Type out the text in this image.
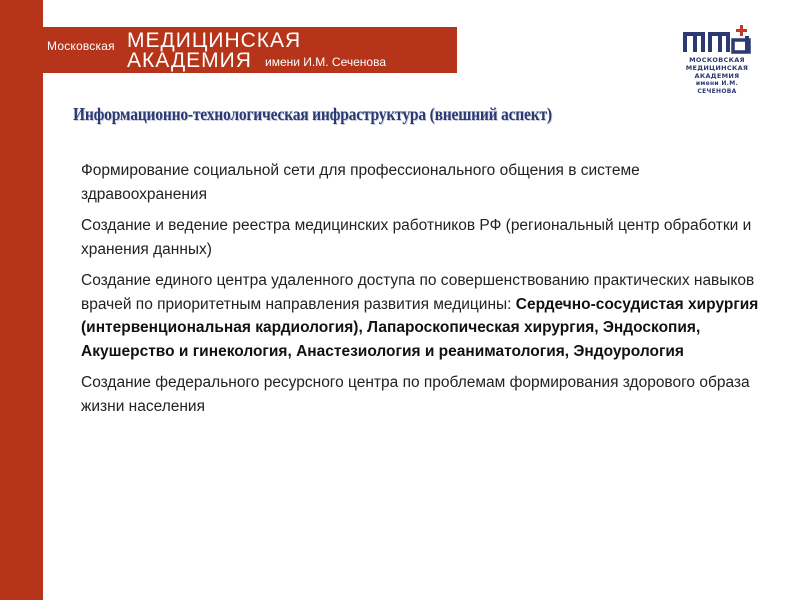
Московская МЕДИЦИНСКАЯ
АКАДЕМИЯ имени И.М. Сеченова	МОСКОВСКАЯ
МЕДИЦИНСКАЯ
АКАДЕМИЯ
имени И.М. СЕЧЕНОВА
Информационно-технологическая инфраструктура (внешний аспект)

Формирование социальной сети для профессионального общения в системе здравоохранения

Создание и ведение реестра медицинских работников РФ (региональный центр обработки и хранения данных)

Создание единого центра удаленного доступа по совершенствованию практических навыков врачей по приоритетным направления развития медицины: Сердечно-сосудистая хирургия (интервенциональная кардиология), Лапароскопическая хирургия, Эндоскопия, Акушерство и гинекология, Анастезиология и реаниматология, Эндоурология

Создание федерального ресурсного центра по проблемам формирования здорового образа жизни населения
